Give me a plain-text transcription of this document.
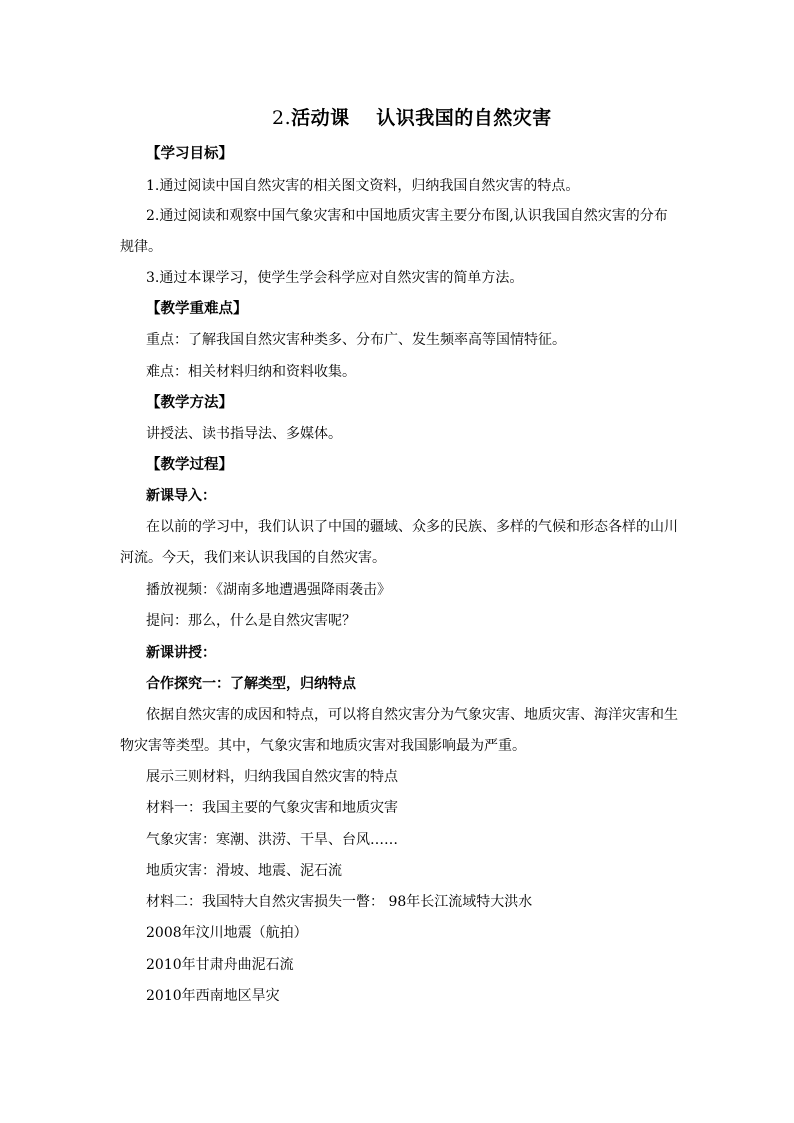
2.活动课　 认识我国的自然灾害
【学习目标】
1.通过阅读中国自然灾害的相关图文资料，归纳我国自然灾害的特点。
2.通过阅读和观察中国气象灾害和中国地质灾害主要分布图,认识我国自然灾害的分布
规律。
3.通过本课学习，使学生学会科学应对自然灾害的简单方法。
【教学重难点】
重点：了解我国自然灾害种类多、分布广、发生频率高等国情特征。
难点：相关材料归纳和资料收集。
【教学方法】
讲授法、读书指导法、多媒体。
【教学过程】
新课导入：
在以前的学习中，我们认识了中国的疆域、众多的民族、多样的气候和形态各样的山川
河流。今天，我们来认识我国的自然灾害。
播放视频：《湖南多地遭遇强降雨袭击》
提问：那么，什么是自然灾害呢？
新课讲授：
合作探究一：了解类型，归纳特点
依据自然灾害的成因和特点，可以将自然灾害分为气象灾害、地质灾害、海洋灾害和生
物灾害等类型。其中，气象灾害和地质灾害对我国影响最为严重。
展示三则材料，归纳我国自然灾害的特点
材料一：我国主要的气象灾害和地质灾害
气象灾害：寒潮、洪涝、干旱、台风……
地质灾害：滑坡、地震、泥石流
材料二：我国特大自然灾害损失一瞥： 98年长江流域特大洪水
2008年汶川地震（航拍）
2010年甘肃舟曲泥石流
2010年西南地区旱灾
